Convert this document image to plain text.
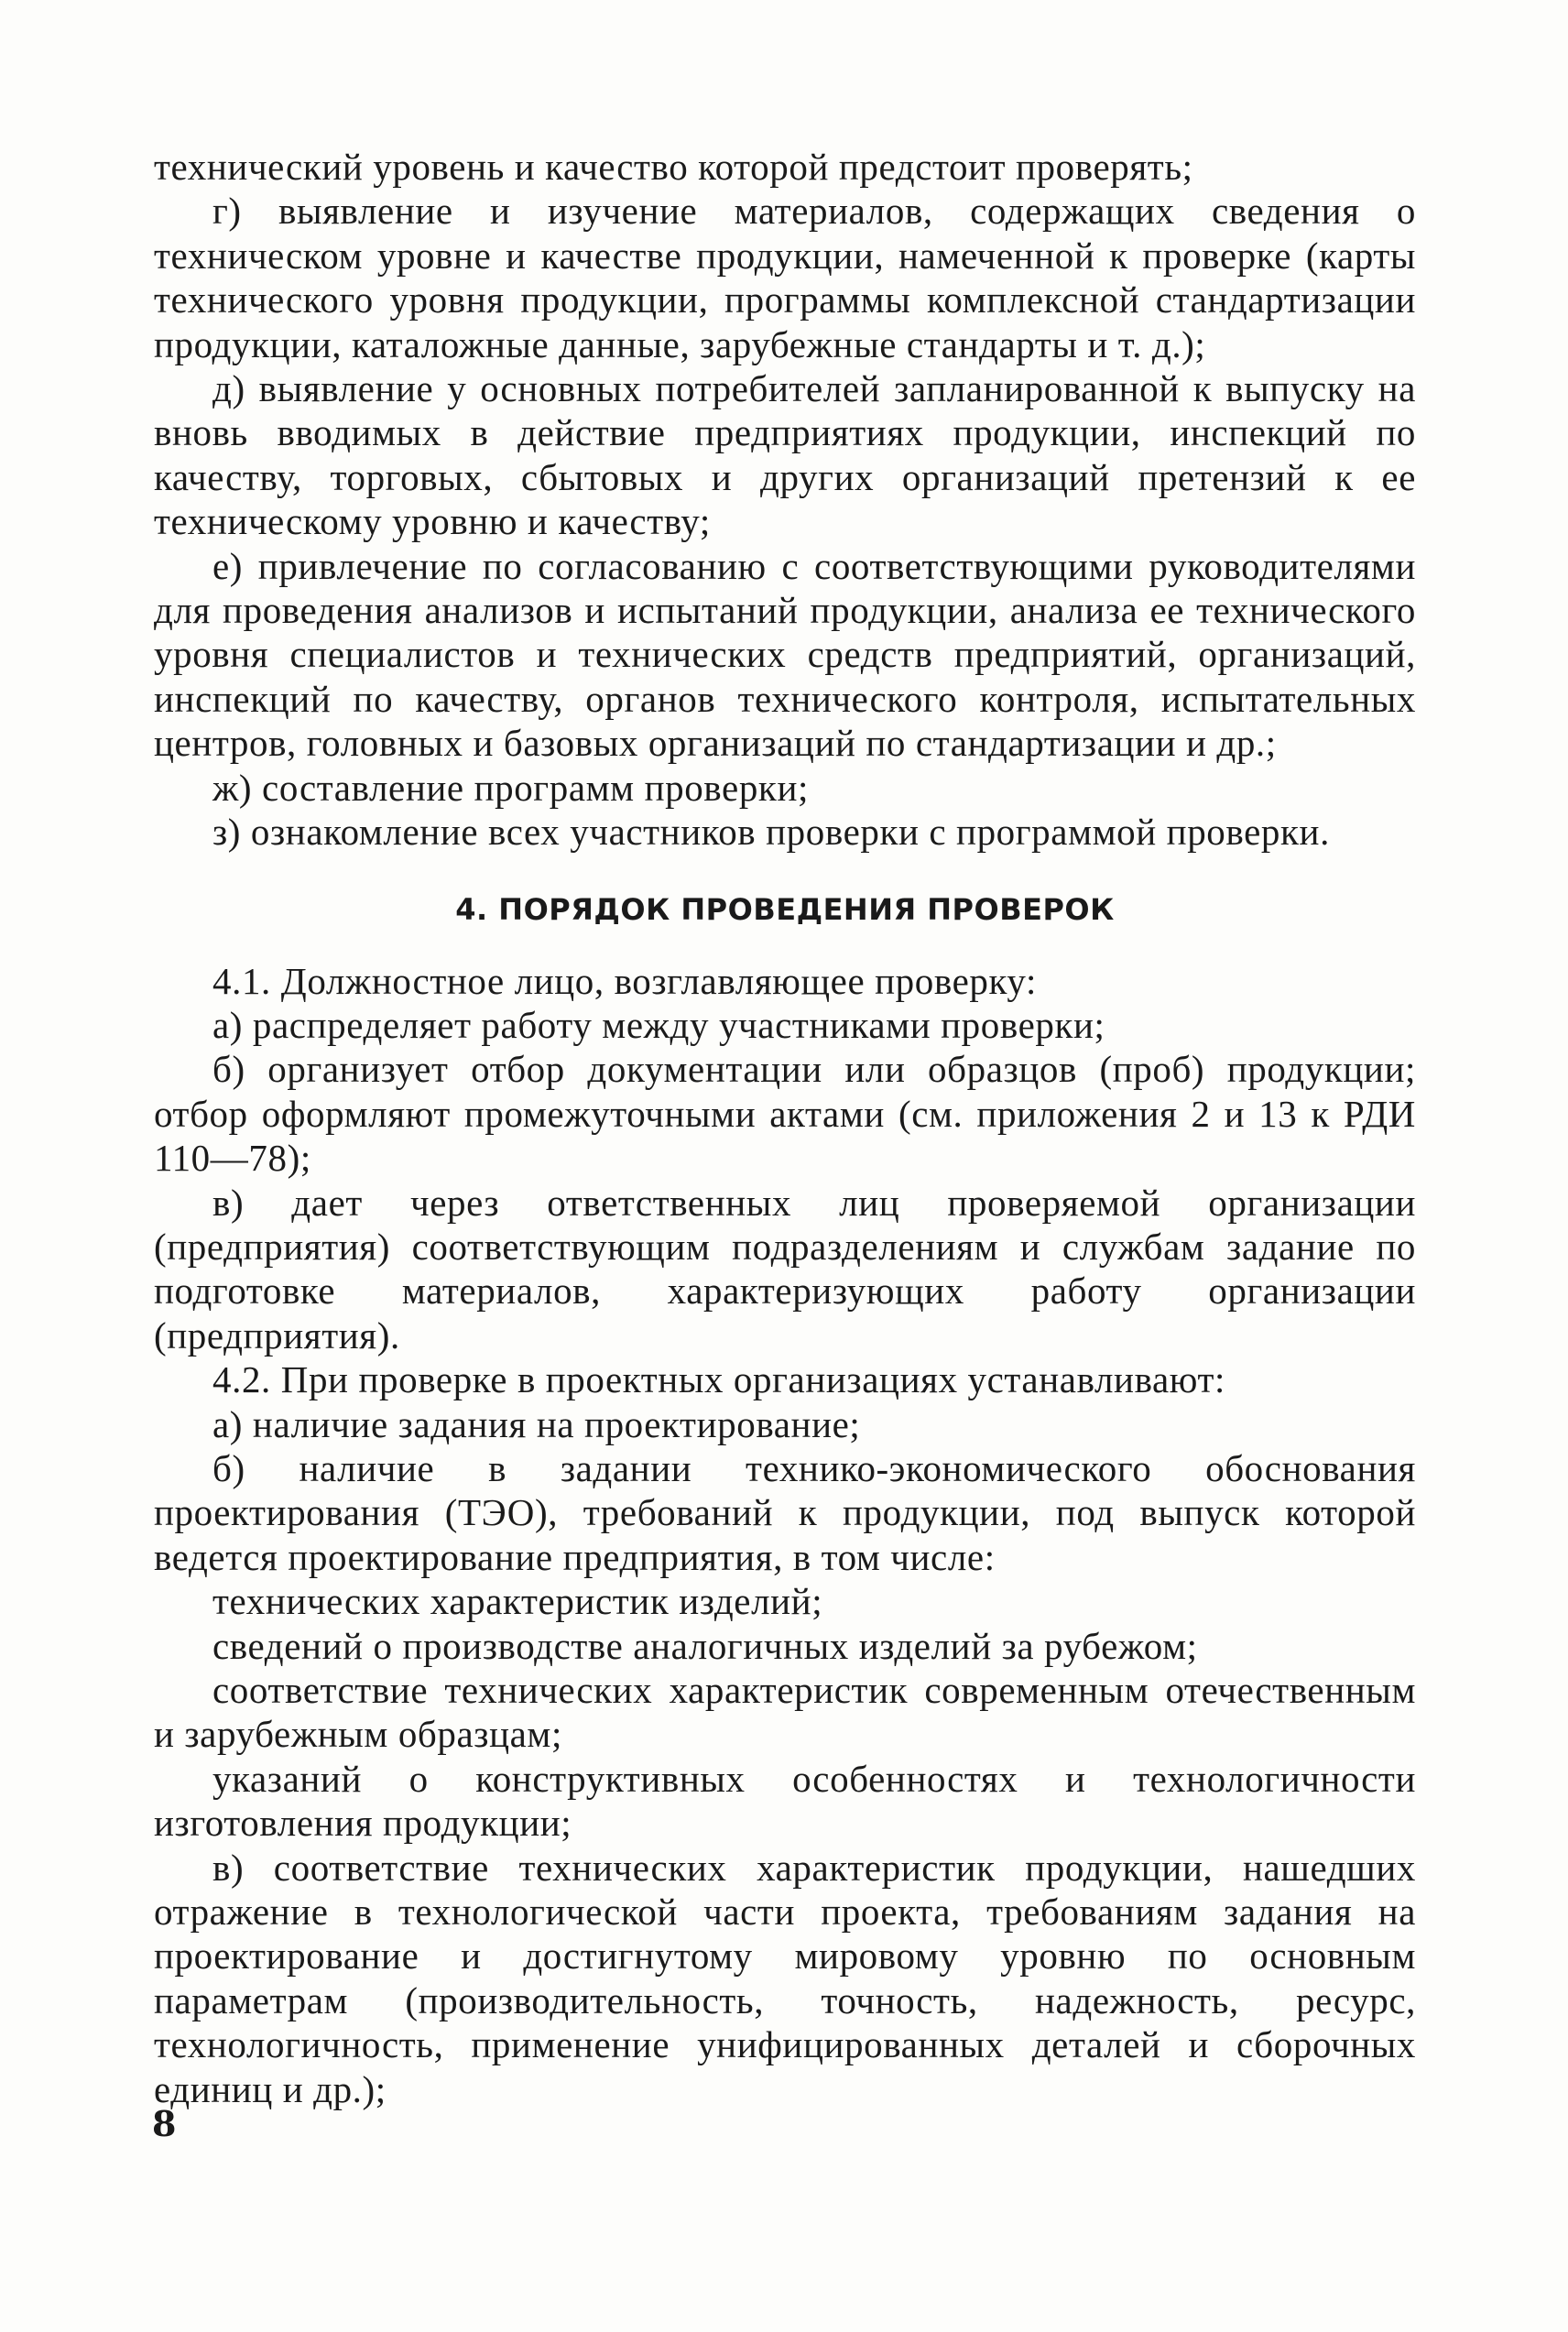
технический уровень и качество которой предстоит проверять;

г) выявление и изучение материалов, содержащих сведения о техническом уровне и качестве продукции, намеченной к проверке (карты технического уровня продукции, программы комплексной стандартизации продукции, каталожные данные, зарубежные стандарты и т. д.);

д) выявление у основных потребителей запланированной к выпуску на вновь вводимых в действие предприятиях продукции, инспекций по качеству, торговых, сбытовых и других организаций претензий к ее техническому уровню и качеству;

е) привлечение по согласованию с соответствующими руководителями для проведения анализов и испытаний продукции, анализа ее технического уровня специалистов и технических средств предприятий, организаций, инспекций по качеству, органов технического контроля, испытательных центров, головных и базовых организаций по стандартизации и др.;

ж) составление программ проверки;

з) ознакомление всех участников проверки с программой проверки.

4. ПОРЯДОК ПРОВЕДЕНИЯ ПРОВЕРОК

4.1. Должностное лицо, возглавляющее проверку:

а) распределяет работу между участниками проверки;

б) организует отбор документации или образцов (проб) продукции; отбор оформляют промежуточными актами (см. приложения 2 и 13 к РДИ 110—78);

в) дает через ответственных лиц проверяемой организации (предприятия) соответствующим подразделениям и службам задание по подготовке материалов, характеризующих работу организации (предприятия).

4.2. При проверке в проектных организациях устанавливают:

а) наличие задания на проектирование;

б) наличие в задании технико-экономического обоснования проектирования (ТЭО), требований к продукции, под выпуск которой ведется проектирование предприятия, в том числе:

технических характеристик изделий;

сведений о производстве аналогичных изделий за рубежом;

соответствие технических характеристик современным отечественным и зарубежным образцам;

указаний о конструктивных особенностях и технологичности изготовления продукции;

в) соответствие технических характеристик продукции, нашедших отражение в технологической части проекта, требованиям задания на проектирование и достигнутому мировому уровню по основным параметрам (производительность, точность, надежность, ресурс, технологичность, применение унифицированных деталей и сборочных единиц и др.);

8
